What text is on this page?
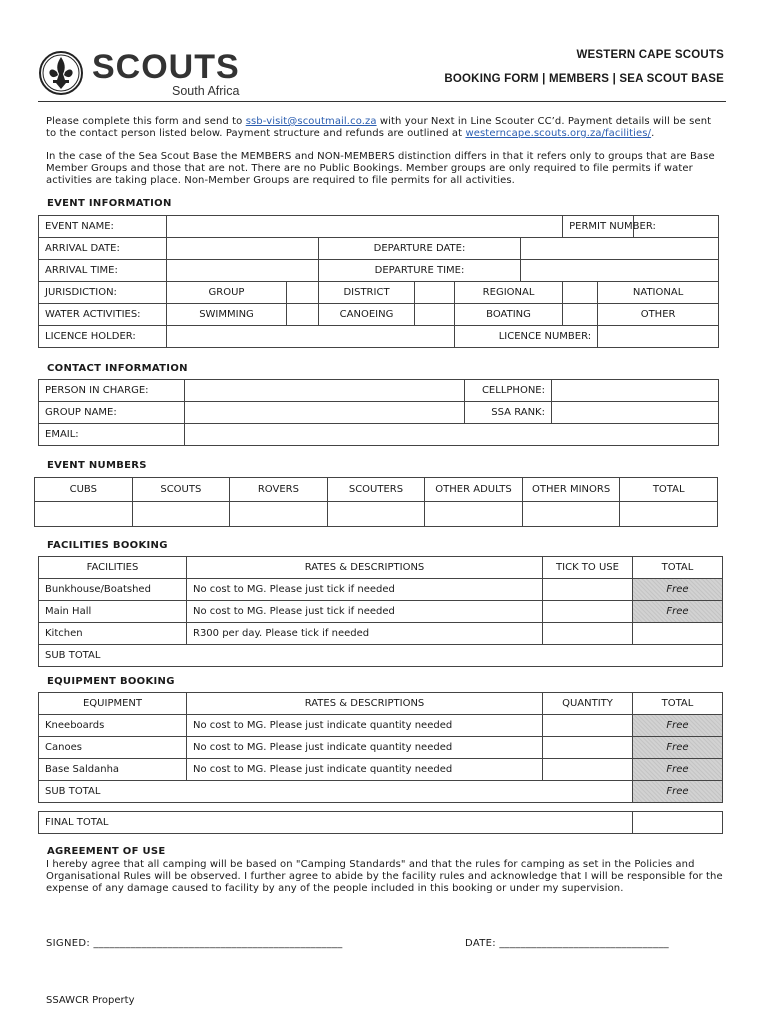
SCOUTS
South Africa
WESTERN CAPE SCOUTS
BOOKING FORM | MEMBERS | SEA SCOUT BASE
Please complete this form and send to ssb-visit@scoutmail.co.za with your Next in Line Scouter CC’d. Payment details will be sent to the contact person listed below. Payment structure and refunds are outlined at westerncape.scouts.org.za/facilities/.
In the case of the Sea Scout Base the MEMBERS and NON-MEMBERS distinction differs in that it refers only to groups that are Base Member Groups and those that are not. There are no Public Bookings. Member groups are only required to file permits if water activities are taking place. Non-Member Groups are required to file permits for all activities.
EVENT INFORMATION
EVENT NAME:							PERMIT NUMBER:		
ARRIVAL DATE:			DEPARTURE DATE:						
ARRIVAL TIME:			DEPARTURE TIME:						
JURISDICTION:	GROUP		DISTRICT		REGIONAL			NATIONAL	
WATER ACTIVITIES:	SWIMMING		CANOEING		BOATING			OTHER	
LICENCE HOLDER:					LICENCE NUMBER:				
CONTACT INFORMATION
PERSON IN CHARGE:		CELLPHONE:	
GROUP NAME:		SSA RANK:	
EMAIL:			
EVENT NUMBERS
CUBS	SCOUTS	ROVERS	SCOUTERS	OTHER ADULTS	OTHER MINORS	TOTAL

FACILITIES BOOKING
FACILITIES	RATES & DESCRIPTIONS	TICK TO USE	TOTAL
Bunkhouse/Boatshed	No cost to MG. Please just tick if needed		Free
Main Hall	No cost to MG. Please just tick if needed		Free
Kitchen	R300 per day. Please tick if needed		
SUB TOTAL			
EQUIPMENT BOOKING
EQUIPMENT	RATES & DESCRIPTIONS	QUANTITY	TOTAL
Kneeboards	No cost to MG. Please just indicate quantity needed		Free
Canoes	No cost to MG. Please just indicate quantity needed		Free
Base Saldanha	No cost to MG. Please just indicate quantity needed		Free
SUB TOTAL			Free
FINAL TOTAL	
AGREEMENT OF USE
I hereby agree that all camping will be based on "Camping Standards" and that the rules for camping as set in the Policies and Organisational Rules will be observed. I further agree to abide by the facility rules and acknowledge that I will be responsible for the expense of any damage caused to facility by any of the people included in this booking or under my supervision.
SIGNED: _______________________________________________	DATE: ________________________________
SSAWCR Property
